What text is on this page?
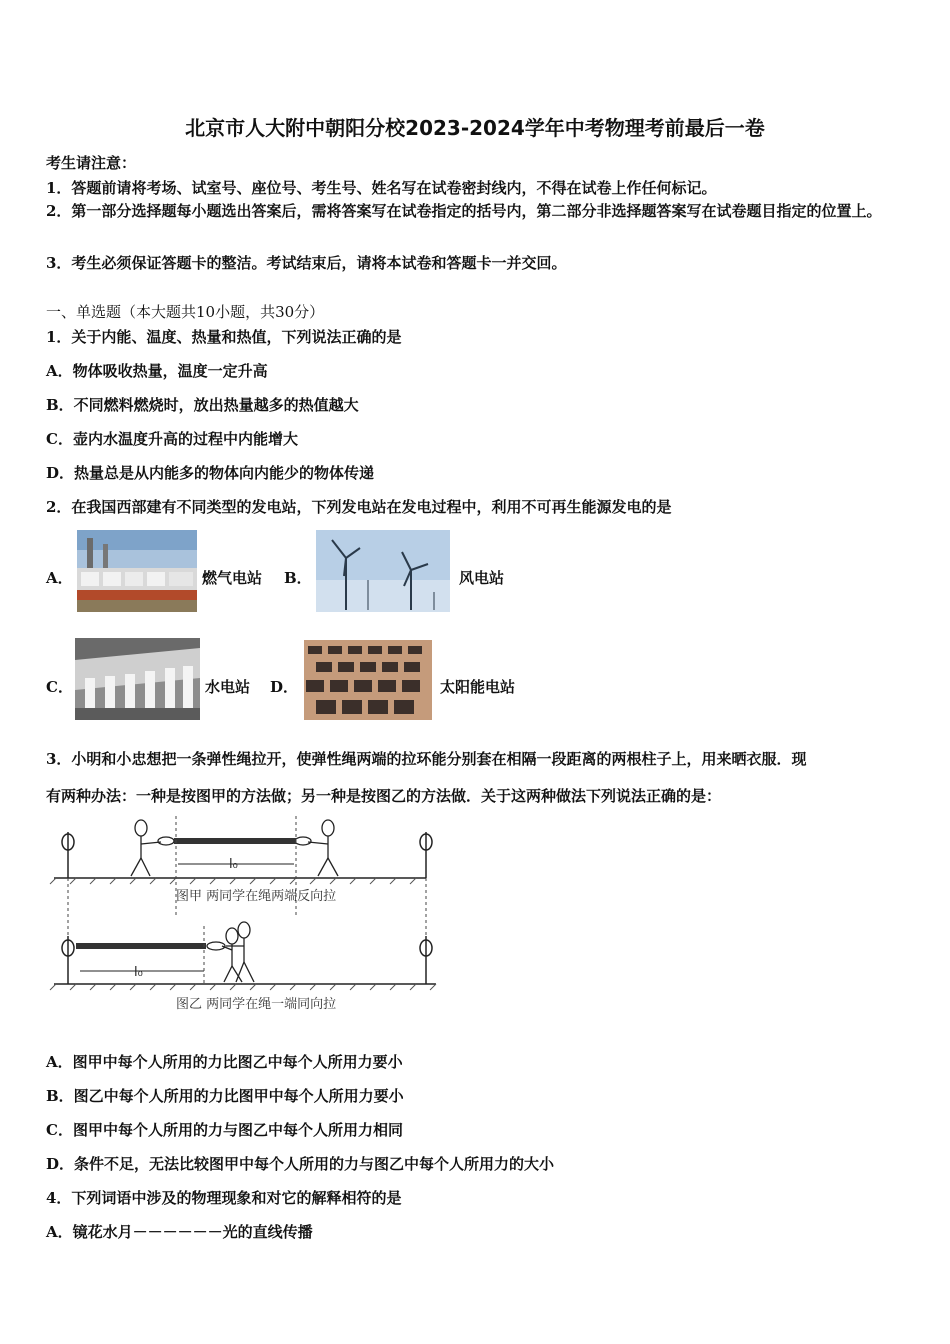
北京市人大附中朝阳分校2023-2024学年中考物理考前最后一卷
考生请注意：
1．答题前请将考场、试室号、座位号、考生号、姓名写在试卷密封线内，不得在试卷上作任何标记。
2．第一部分选择题每小题选出答案后，需将答案写在试卷指定的括号内，第二部分非选择题答案写在试卷题目指定的位置上。
3．考生必须保证答题卡的整洁。考试结束后，请将本试卷和答题卡一并交回。
一、单选题（本大题共10小题，共30分）
1．关于内能、温度、热量和热值，下列说法正确的是
A．物体吸收热量，温度一定升高
B．不同燃料燃烧时，放出热量越多的热值越大
C．壶内水温度升高的过程中内能增大
D．热量总是从内能多的物体向内能少的物体传递
2．在我国西部建有不同类型的发电站，下列发电站在发电过程中，利用不可再生能源发电的是
A．	燃气电站 B．	风电站
C．	水电站 D．	太阳能电站
3．小明和小忠想把一条弹性绳拉开，使弹性绳两端的拉环能分别套在相隔一段距离的两根柱子上，用来晒衣服．现
有两种办法：一种是按图甲的方法做；另一种是按图乙的方法做．关于这两种做法下列说法正确的是：
l₀
图甲 两同学在绳两端反向拉
l₀
图乙 两同学在绳一端同向拉
A．图甲中每个人所用的力比图乙中每个人所用力要小
B．图乙中每个人所用的力比图甲中每个人所用力要小
C．图甲中每个人所用的力与图乙中每个人所用力相同
D．条件不足，无法比较图甲中每个人所用的力与图乙中每个人所用力的大小
4．下列词语中涉及的物理现象和对它的解释相符的是
A．镜花水月－－－－－－光的直线传播
